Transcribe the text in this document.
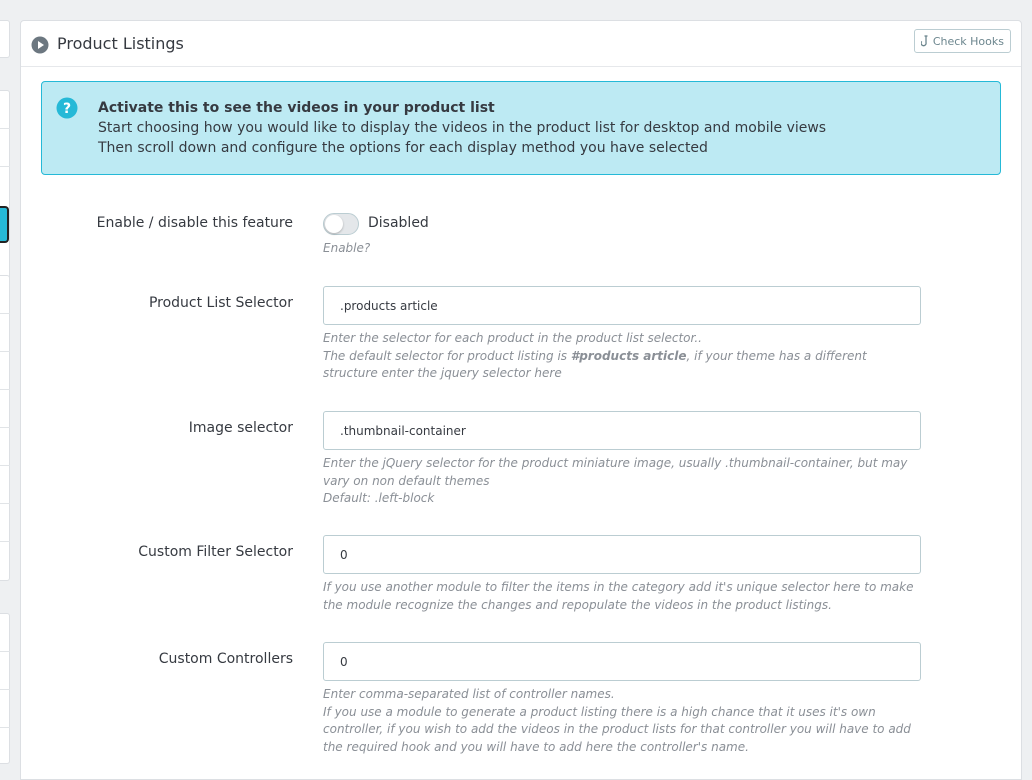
Product Listings	Check Hooks
? Activate this to see the videos in your product list
Start choosing how you would like to display the videos in the product list for desktop and mobile views
Then scroll down and configure the options for each display method you have selected
Enable / disable this feature	Disabled
Enable?
Product List Selector
.products article
Enter the selector for each product in the product list selector..
The default selector for product listing is #products article, if your theme has a different structure enter the jquery selector here
Image selector
.thumbnail-container
Enter the jQuery selector for the product miniature image, usually .thumbnail-container, but may vary on non default themes
Default: .left-block
Custom Filter Selector
0
If you use another module to filter the items in the category add it's unique selector here to make the module recognize the changes and repopulate the videos in the product listings.
Custom Controllers
0
Enter comma-separated list of controller names.
If you use a module to generate a product listing there is a high chance that it uses it's own controller, if you wish to add the videos in the product lists for that controller you will have to add the required hook and you will have to add here the controller's name.
